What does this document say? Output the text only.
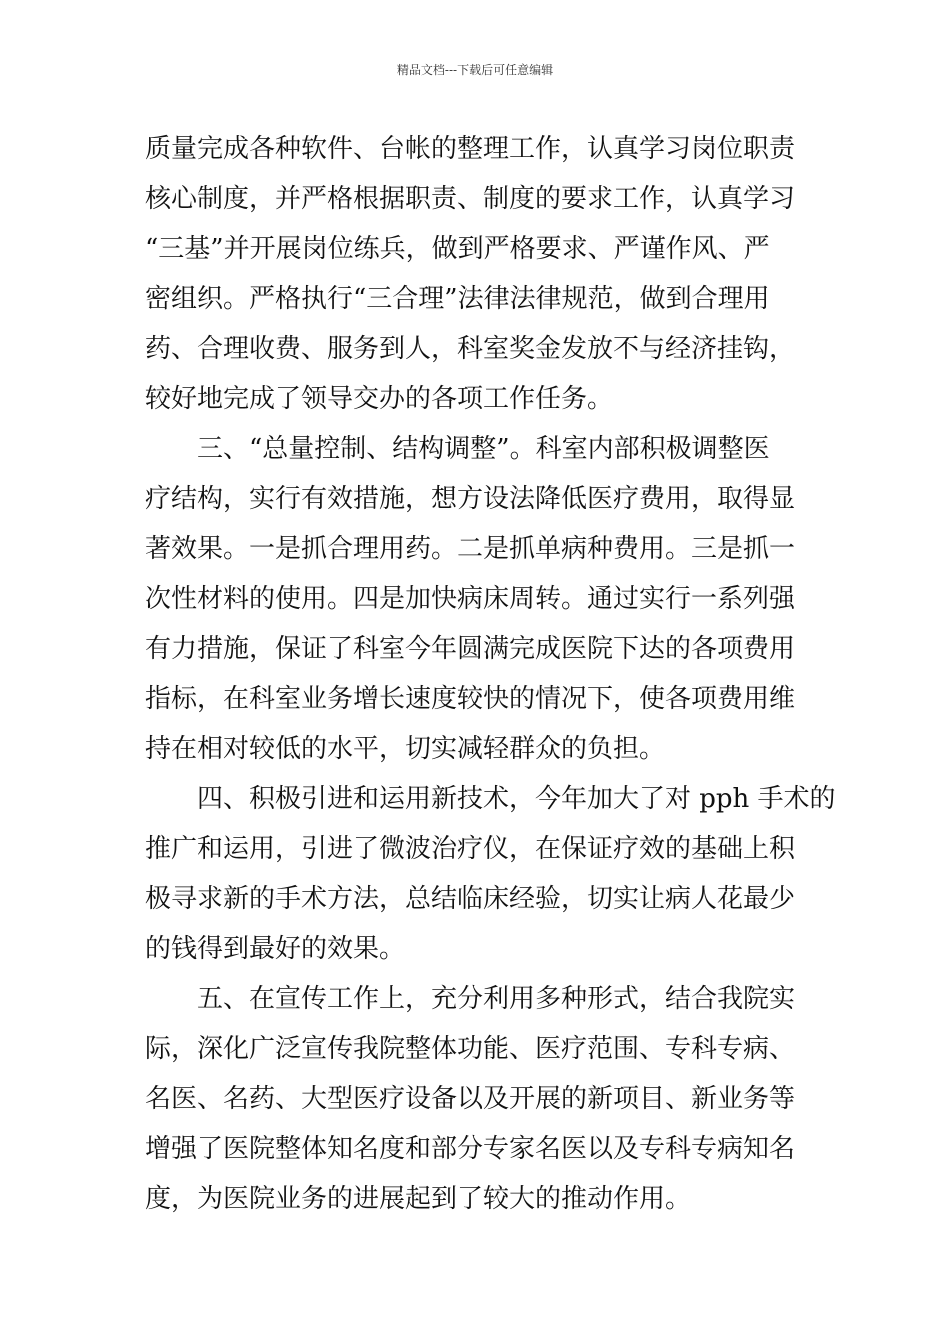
精品文档---下载后可任意编辑
质量完成各种软件、台帐的整理工作，认真学习岗位职责
核心制度，并严格根据职责、制度的要求工作，认真学习
“三基”并开展岗位练兵，做到严格要求、严谨作风、严
密组织。严格执行“三合理”法律法律规范，做到合理用
药、合理收费、服务到人，科室奖金发放不与经济挂钩，
较好地完成了领导交办的各项工作任务。
三、“总量控制、结构调整”。科室内部积极调整医
疗结构，实行有效措施，想方设法降低医疗费用，取得显
著效果。一是抓合理用药。二是抓单病种费用。三是抓一
次性材料的使用。四是加快病床周转。通过实行一系列强
有力措施，保证了科室今年圆满完成医院下达的各项费用
指标，在科室业务增长速度较快的情况下，使各项费用维
持在相对较低的水平，切实减轻群众的负担。
四、积极引进和运用新技术，今年加大了对 pph 手术的
推广和运用，引进了微波治疗仪，在保证疗效的基础上积
极寻求新的手术方法，总结临床经验，切实让病人花最少
的钱得到最好的效果。
五、在宣传工作上，充分利用多种形式，结合我院实
际，深化广泛宣传我院整体功能、医疗范围、专科专病、
名医、名药、大型医疗设备以及开展的新项目、新业务等
增强了医院整体知名度和部分专家名医以及专科专病知名
度，为医院业务的进展起到了较大的推动作用。
